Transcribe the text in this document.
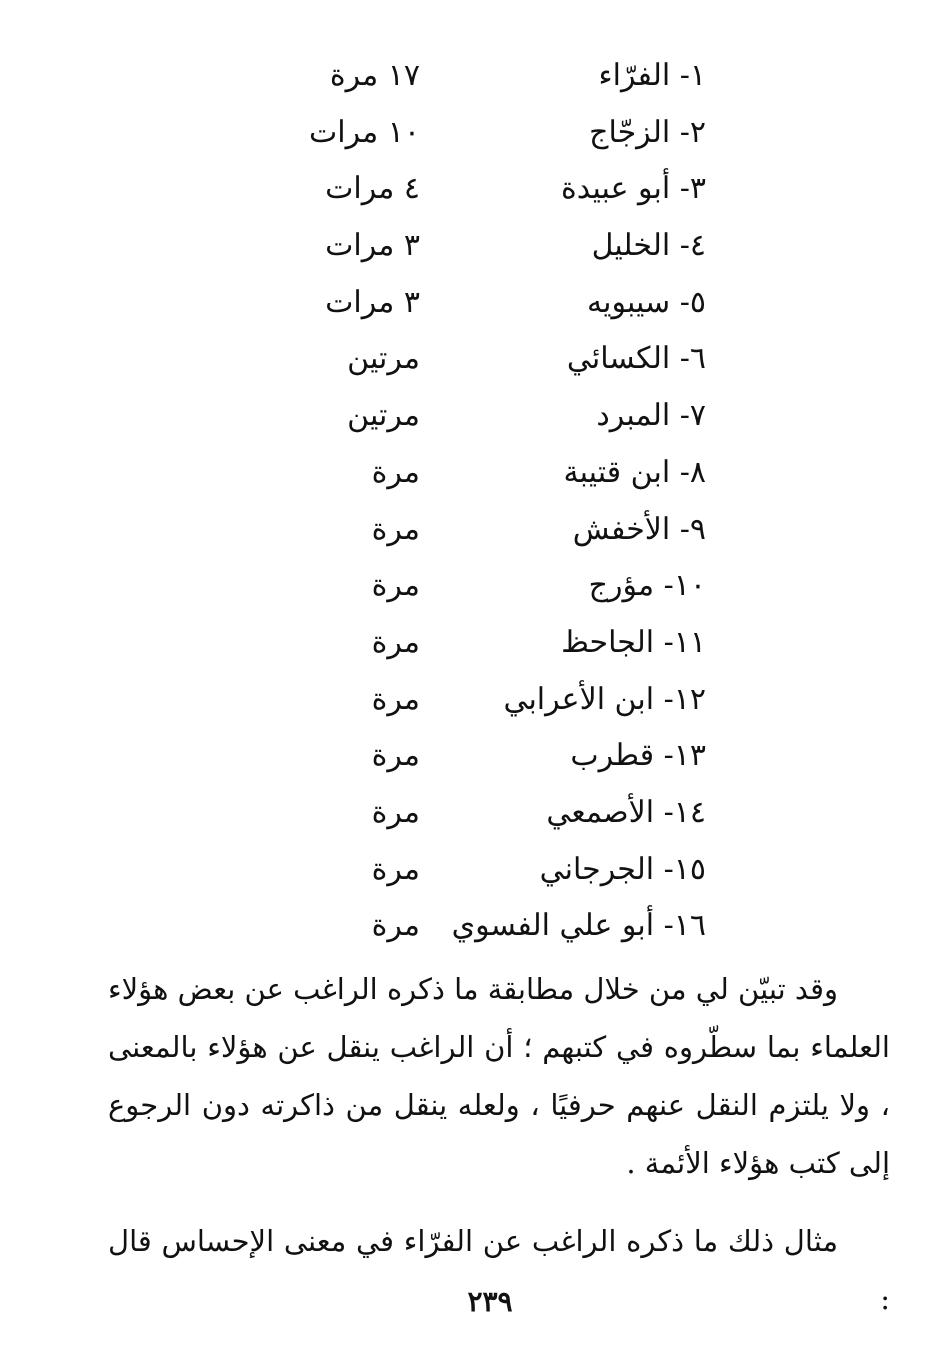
١- الفرّاء
١٧ مرة
٢- الزجّاج
١٠ مرات
٣- أبو عبيدة
٤ مرات
٤- الخليل
٣ مرات
٥- سيبويه
٣ مرات
٦- الكسائي
مرتين
٧- المبرد
مرتين
٨- ابن قتيبة
مرة
٩- الأخفش
مرة
١٠- مؤرج
مرة
١١- الجاحظ
مرة
١٢- ابن الأعرابي
مرة
١٣- قطرب
مرة
١٤- الأصمعي
مرة
١٥- الجرجاني
مرة
١٦- أبو علي الفسوي
مرة

وقد تبيّن لي من خلال مطابقة ما ذكره الراغب عن بعض هؤلاء العلماء بما سطّروه في كتبهم ؛ أن الراغب ينقل عن هؤلاء بالمعنى ، ولا يلتزم النقل عنهم حرفيًا ، ولعله ينقل من ذاكرته دون الرجوع إلى كتب هؤلاء الأئمة .

مثال ذلك ما ذكره الراغب عن الفرّاء في معنى الإحساس قال :

٢٣٩
